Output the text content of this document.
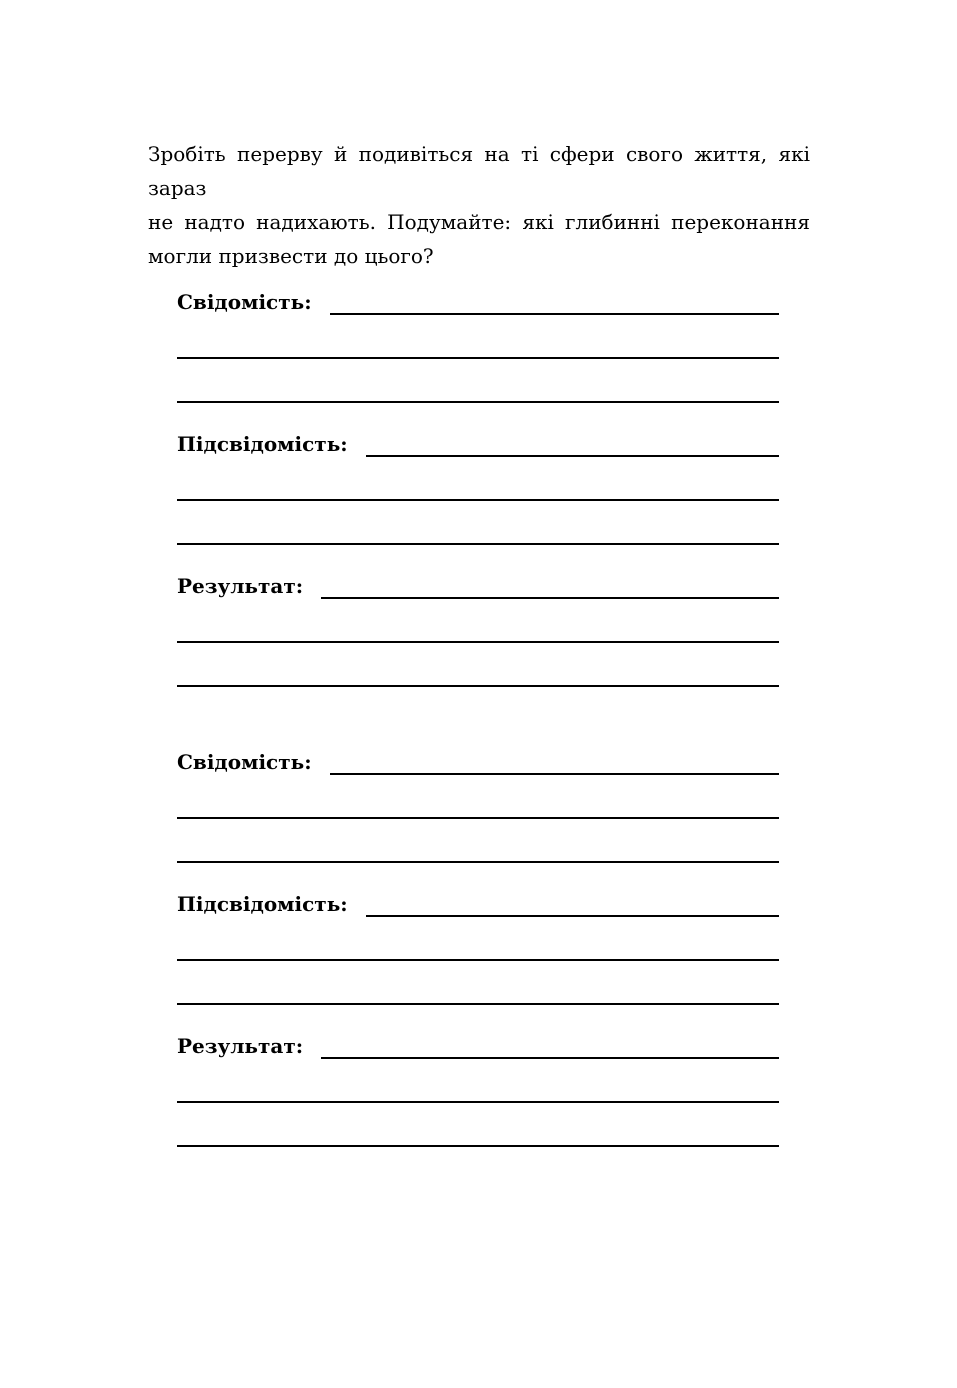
Зробіть перерву й подивіться на ті сфери свого життя, які зараз
не надто надихають. Подумайте: які глибинні переконання
могли призвести до цього?
Свідомість:
Підсвідомість:
Результат:
Свідомість:
Підсвідомість:
Результат:
